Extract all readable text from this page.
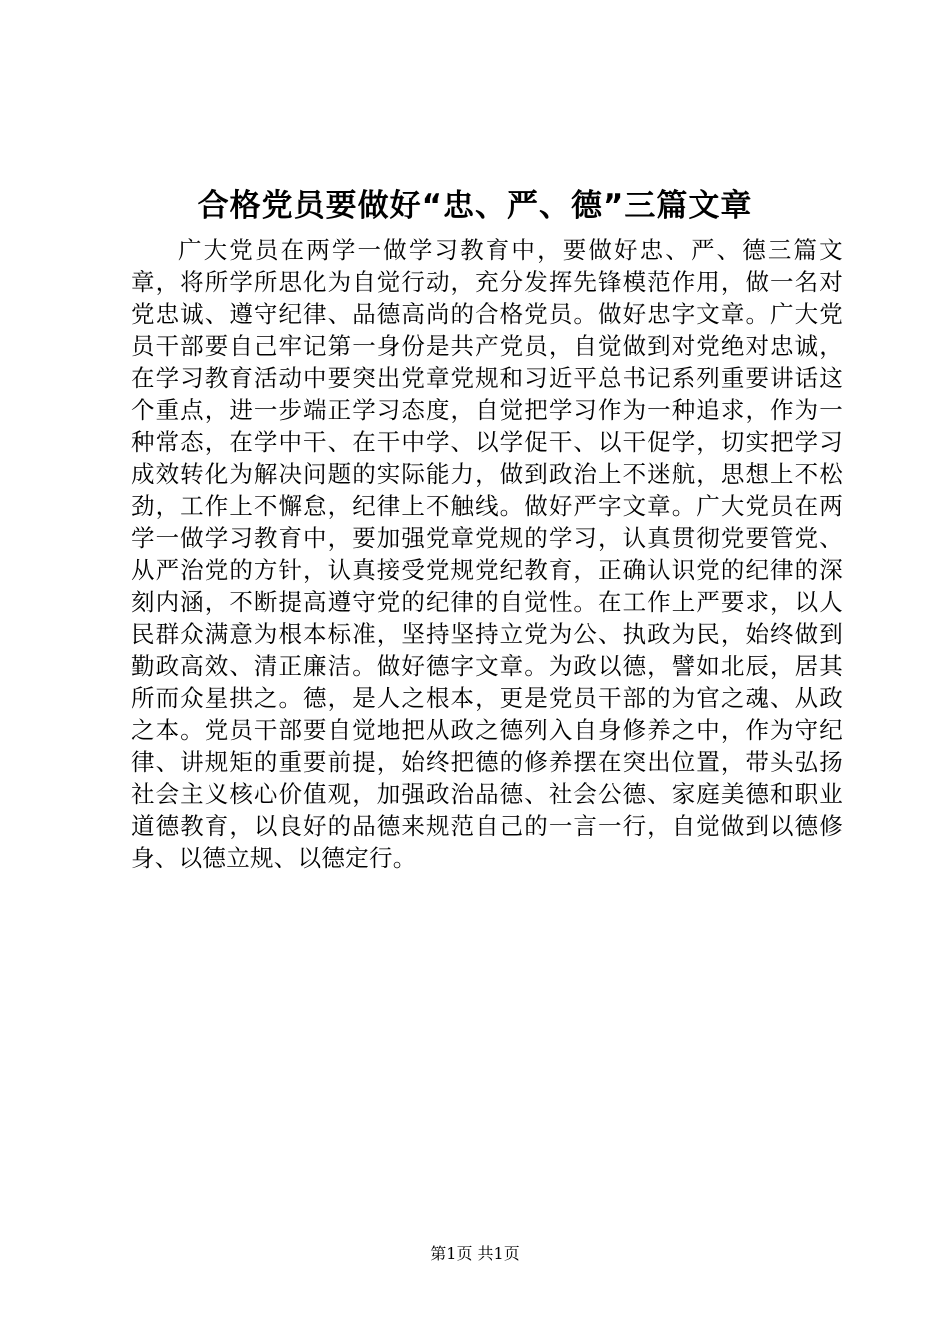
合格党员要做好“忠、严、德”三篇文章

广大党员在两学一做学习教育中，要做好忠、严、德三篇文章，将所学所思化为自觉行动，充分发挥先锋模范作用，做一名对党忠诚、遵守纪律、品德高尚的合格党员。做好忠字文章。广大党员干部要自己牢记第一身份是共产党员，自觉做到对党绝对忠诚，在学习教育活动中要突出党章党规和习近平总书记系列重要讲话这个重点，进一步端正学习态度，自觉把学习作为一种追求，作为一种常态，在学中干、在干中学、以学促干、以干促学，切实把学习成效转化为解决问题的实际能力，做到政治上不迷航，思想上不松劲，工作上不懈怠，纪律上不触线。做好严字文章。广大党员在两学一做学习教育中，要加强党章党规的学习，认真贯彻党要管党、从严治党的方针，认真接受党规党纪教育，正确认识党的纪律的深刻内涵，不断提高遵守党的纪律的自觉性。在工作上严要求，以人民群众满意为根本标准，坚持坚持立党为公、执政为民，始终做到勤政高效、清正廉洁。做好德字文章。为政以德，譬如北辰，居其所而众星拱之。德，是人之根本，更是党员干部的为官之魂、从政之本。党员干部要自觉地把从政之德列入自身修养之中，作为守纪律、讲规矩的重要前提，始终把德的修养摆在突出位置，带头弘扬社会主义核心价值观，加强政治品德、社会公德、家庭美德和职业道德教育，以良好的品德来规范自己的一言一行，自觉做到以德修身、以德立规、以德定行。

第1页 共1页
